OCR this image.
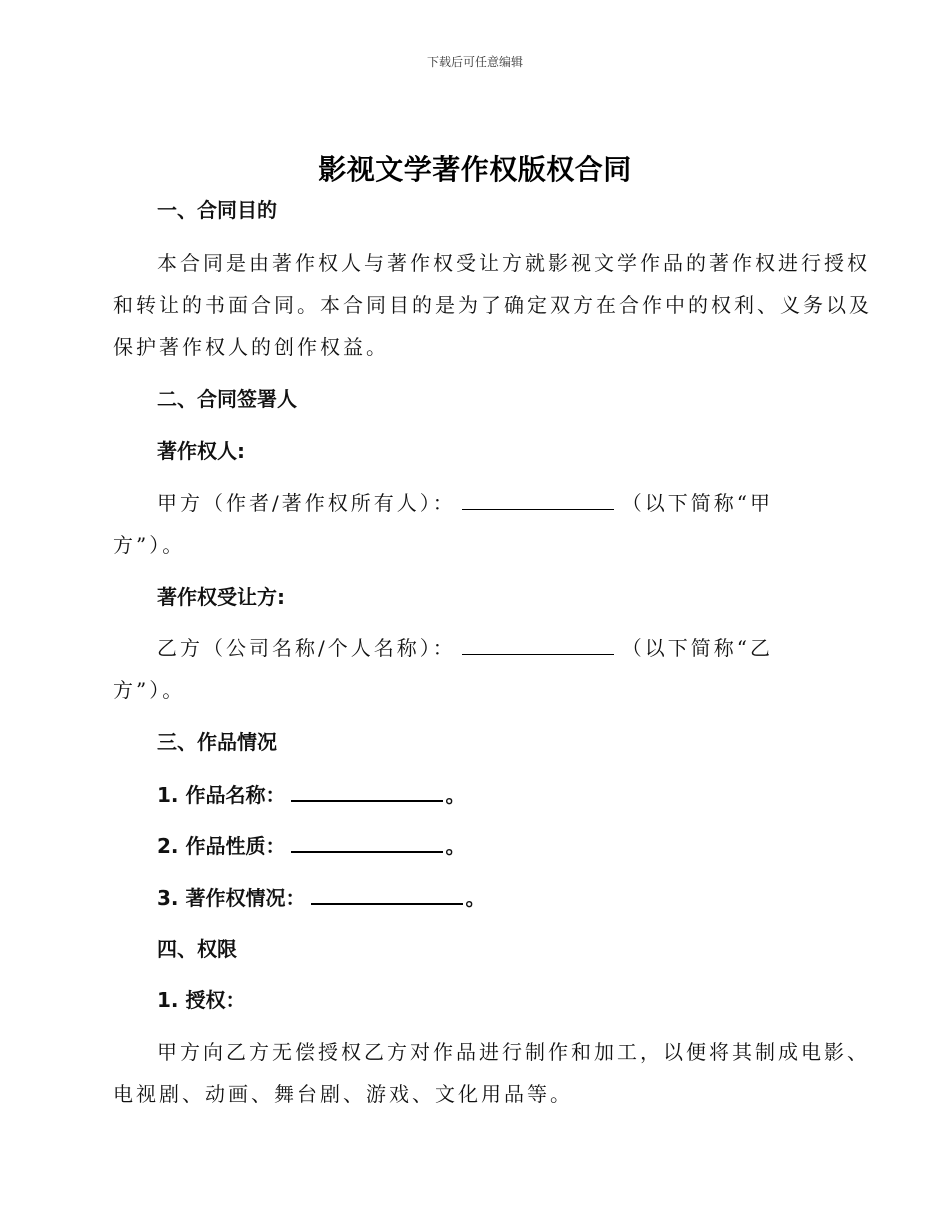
下载后可任意编辑
影视文学著作权版权合同
一、合同目的
本合同是由著作权人与著作权受让方就影视文学作品的著作权进行授权
和转让的书面合同。本合同目的是为了确定双方在合作中的权利、义务以及
保护著作权人的创作权益。
二、合同签署人
著作权人:
甲方（作者/著作权所有人）：	（以下简称“甲
方”）。
著作权受让方:
乙方（公司名称/个人名称）：	（以下简称“乙
方”）。
三、作品情况
1. 作品名称：	。
2. 作品性质：	。
3. 著作权情况：	。
四、权限
1. 授权：
甲方向乙方无偿授权乙方对作品进行制作和加工，以便将其制成电影、
电视剧、动画、舞台剧、游戏、文化用品等。
